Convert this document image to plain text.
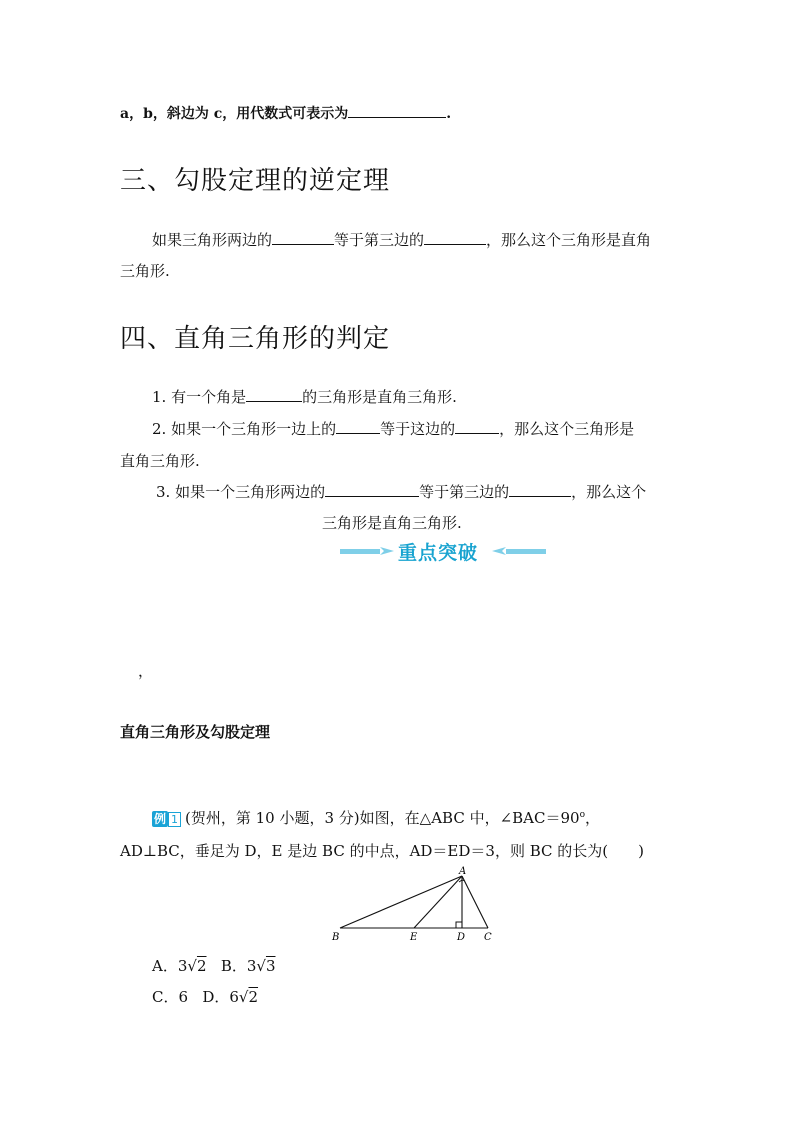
a，b，斜边为 c，用代数式可表示为	.
三、勾股定理的逆定理
如果三角形两边的	等于第三边的	，那么这个三角形是直角
三角形.
四、直角三角形的判定
1. 有一个角是	的三角形是直角三角形.
2. 如果一个三角形一边上的	等于这边的	，那么这个三角形是
直角三角形.
3. 如果一个三角形两边的	等于第三边的	，那么这个
三角形是直角三角形.
重点突破
，
直角三角形及勾股定理
例 1 (贺州，第 10 小题，3 分)如图，在△ABC 中，$\angle BAC=90^o$，
AD⊥BC，垂足为 D，E 是边 BC 的中点，AD＝ED＝3，则 BC 的长为(　　)
A
B	E	D C
A．3√2 B．3√3
C．6 D．6√2
